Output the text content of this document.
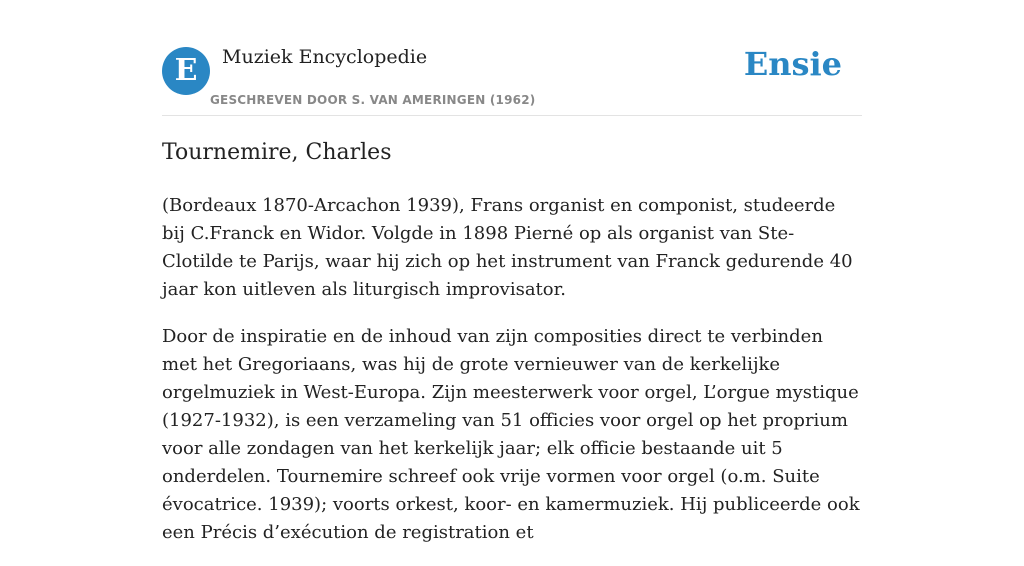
E	Muziek Encyclopedie
GESCHREVEN DOOR S. VAN AMERINGEN (1962)
Ensie
Tournemire, Charles

(Bordeaux 1870-Arcachon 1939), Frans organist en componist, studeerde bij C.Franck en Widor. Volgde in 1898 Pierné op als organist van Ste-Clotilde te Parijs, waar hij zich op het instrument van Franck gedurende 40 jaar kon uitleven als liturgisch improvisator.

Door de inspiratie en de inhoud van zijn composities direct te verbinden met het Gregoriaans, was hij de grote vernieuwer van de kerkelijke orgelmuziek in West-Europa. Zijn meesterwerk voor orgel, L’orgue mystique (1927-1932), is een verzameling van 51 officies voor orgel op het proprium voor alle zondagen van het kerkelijk jaar; elk officie bestaande uit 5 onderdelen. Tournemire schreef ook vrije vormen voor orgel (o.m. Suite évocatrice. 1939); voorts orkest, koor- en kamermuziek. Hij publiceerde ook een Précis d’exécution de registration et
